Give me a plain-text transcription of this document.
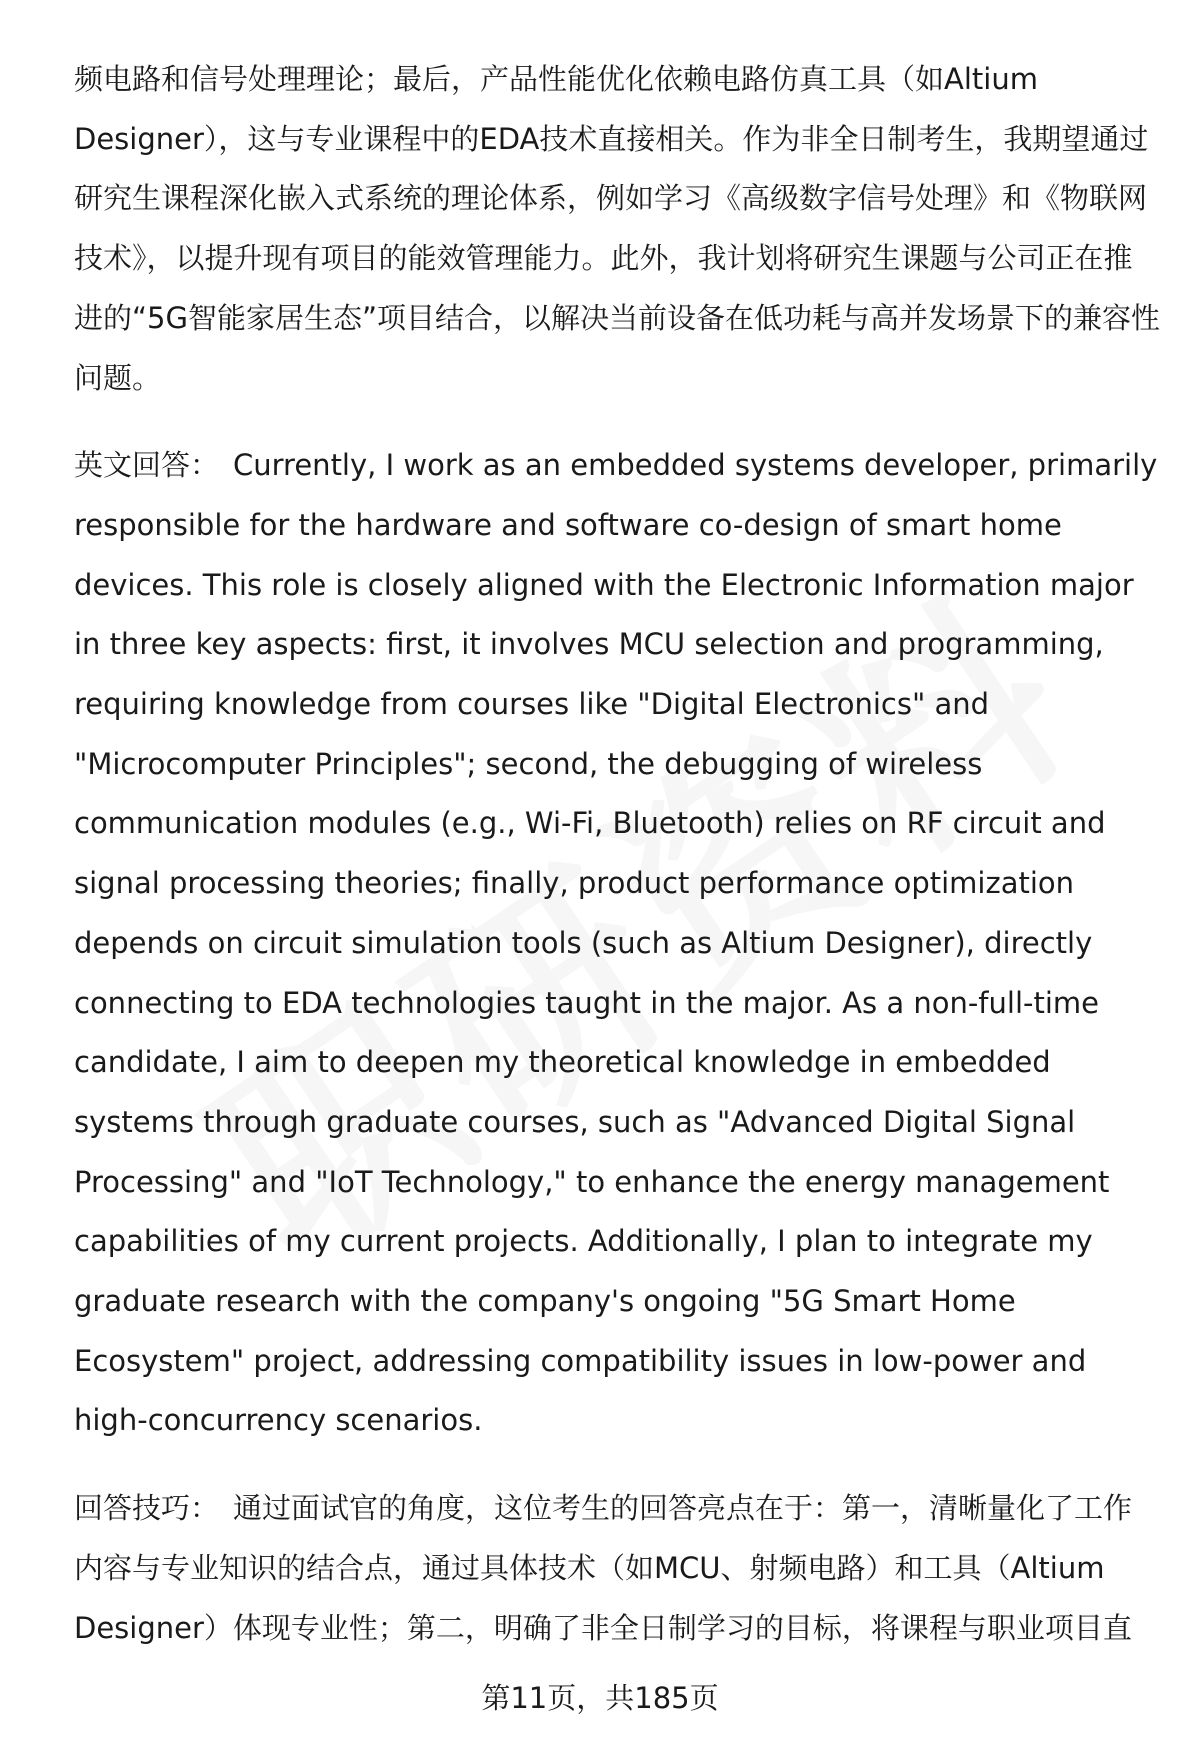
频电路和信号处理理论；最后，产品性能优化依赖电路仿真工具（如Altium Designer），这与专业课程中的EDA技术直接相关。作为非全日制考生，我期望通过研究生课程深化嵌入式系统的理论体系，例如学习《高级数字信号处理》和《物联网技术》，以提升现有项目的能效管理能力。此外，我计划将研究生课题与公司正在推进的“5G智能家居生态”项目结合，以解决当前设备在低功耗与高并发场景下的兼容性问题。

英文回答： Currently, I work as an embedded systems developer, primarily responsible for the hardware and software co-design of smart home devices. This role is closely aligned with the Electronic Information major in three key aspects: first, it involves MCU selection and programming, requiring knowledge from courses like "Digital Electronics" and "Microcomputer Principles"; second, the debugging of wireless communication modules (e.g., Wi-Fi, Bluetooth) relies on RF circuit and signal processing theories; finally, product performance optimization depends on circuit simulation tools (such as Altium Designer), directly connecting to EDA technologies taught in the major. As a non-full-time candidate, I aim to deepen my theoretical knowledge in embedded systems through graduate courses, such as "Advanced Digital Signal Processing" and "IoT Technology," to enhance the energy management capabilities of my current projects. Additionally, I plan to integrate my graduate research with the company's ongoing "5G Smart Home Ecosystem" project, addressing compatibility issues in low-power and high-concurrency scenarios.

回答技巧： 通过面试官的角度，这位考生的回答亮点在于：第一，清晰量化了工作内容与专业知识的结合点，通过具体技术（如MCU、射频电路）和工具（Altium Designer）体现专业性；第二，明确了非全日制学习的目标，将课程与职业项目直

第11页，共185页
